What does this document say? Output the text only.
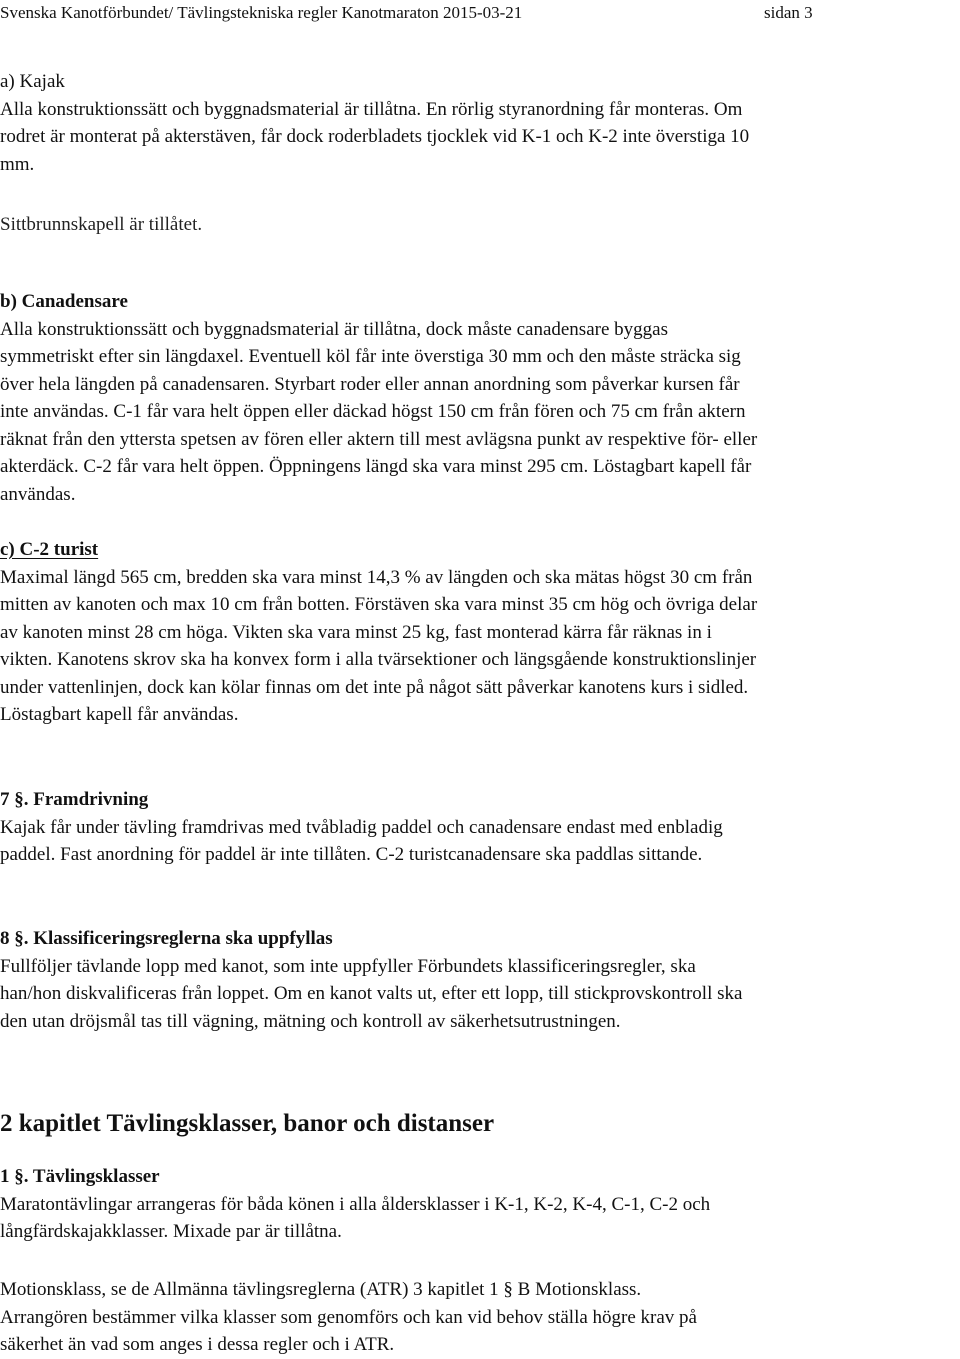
Svenska Kanotförbundet/ Tävlingstekniska regler Kanotmaraton 2015-03-21	sidan 3

a) Kajak

Alla konstruktionssätt och byggnadsmaterial är tillåtna. En rörlig styranordning får monteras. Om

rodret är monterat på akterstäven, får dock roderbladets tjocklek vid K-1 och K-2 inte överstiga 10

mm.

Sittbrunnskapell är tillåtet.

b) Canadensare

Alla konstruktionssätt och byggnadsmaterial är tillåtna, dock måste canadensare byggas

symmetriskt efter sin längdaxel. Eventuell köl får inte överstiga 30 mm och den måste sträcka sig

över hela längden på canadensaren. Styrbart roder eller annan anordning som påverkar kursen får

inte användas. C-1 får vara helt öppen eller däckad högst 150 cm från fören och 75 cm från aktern

räknat från den yttersta spetsen av fören eller aktern till mest avlägsna punkt av respektive för- eller

akterdäck. C-2 får vara helt öppen. Öppningens längd ska vara minst 295 cm. Löstagbart kapell får

användas.

c) C-2 turist

Maximal längd 565 cm, bredden ska vara minst 14,3 % av längden och ska mätas högst 30 cm från

mitten av kanoten och max 10 cm från botten. Förstäven ska vara minst 35 cm hög och övriga delar

av kanoten minst 28 cm höga. Vikten ska vara minst 25 kg, fast monterad kärra får räknas in i

vikten. Kanotens skrov ska ha konvex form i alla tvärsektioner och längsgående konstruktionslinjer

under vattenlinjen, dock kan kölar finnas om det inte på något sätt påverkar kanotens kurs i sidled.

Löstagbart kapell får användas.

7 §. Framdrivning

Kajak får under tävling framdrivas med tvåbladig paddel och canadensare endast med enbladig

paddel. Fast anordning för paddel är inte tillåten. C-2 turistcanadensare ska paddlas sittande.

8 §. Klassificeringsreglerna ska uppfyllas

Fullföljer tävlande lopp med kanot, som inte uppfyller Förbundets klassificeringsregler, ska

han/hon diskvalificeras från loppet. Om en kanot valts ut, efter ett lopp, till stickprovskontroll ska

den utan dröjsmål tas till vägning, mätning och kontroll av säkerhetsutrustningen.

2 kapitlet Tävlingsklasser, banor och distanser

1 §. Tävlingsklasser

Maratontävlingar arrangeras för båda könen i alla åldersklasser i K-1, K-2, K-4, C-1, C-2 och

långfärdskajakklasser. Mixade par är tillåtna.

Motionsklass, se de Allmänna tävlingsreglerna (ATR) 3 kapitlet 1 § B Motionsklass.

Arrangören bestämmer vilka klasser som genomförs och kan vid behov ställa högre krav på

säkerhet än vad som anges i dessa regler och i ATR.
